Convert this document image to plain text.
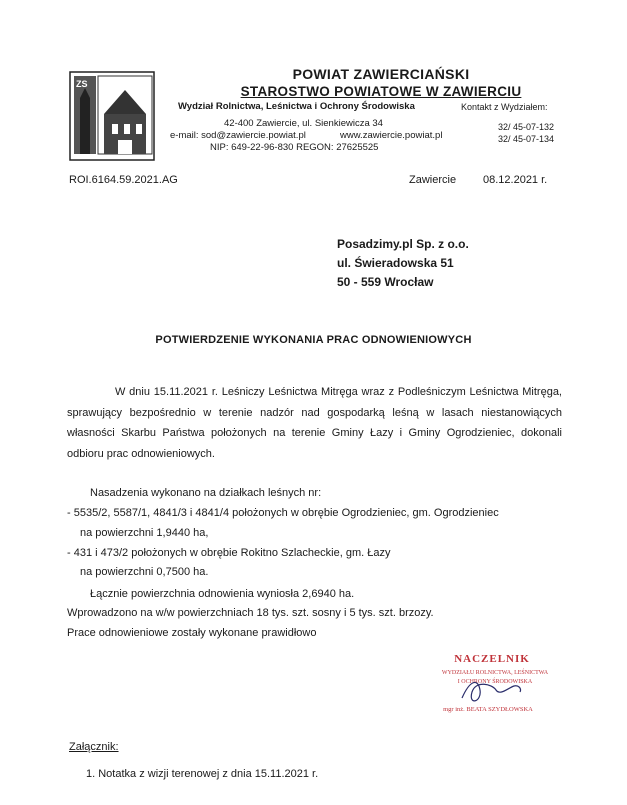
ZS
POWIAT ZAWIERCIAŃSKI
STAROSTWO POWIATOWE W ZAWIERCIU
Wydział Rolnictwa, Leśnictwa i Ochrony Środowiska	Kontakt z Wydziałem:
42-400 Zawiercie, ul. Sienkiewicza 34
e-mail: sod@zawiercie.powiat.pl	www.zawiercie.powiat.pl
NIP: 649-22-96-830 REGON: 27625525
32/ 45-07-132
32/ 45-07-134
ROI.6164.59.2021.AG	Zawiercie 08.12.2021 r.
Posadzimy.pl Sp. z o.o.
ul. Świeradowska 51
50 - 559 Wrocław
POTWIERDZENIE WYKONANIA PRAC ODNOWIENIOWYCH

W dniu 15.11.2021 r. Leśniczy Leśnictwa Mitręga wraz z Podleśniczym Leśnictwa Mitręga, sprawujący bezpośrednio w terenie nadzór nad gospodarką leśną w lasach niestanowiących własności Skarbu Państwa położonych na terenie Gminy Łazy i Gminy Ogrodzieniec, dokonali odbioru prac odnowieniowych.

Nasadzenia wykonano na działkach leśnych nr:
- 5535/2, 5587/1, 4841/3 i 4841/4 położonych w obrębie Ogrodzieniec, gm. Ogrodzieniec
na powierzchni 1,9440 ha,
- 431 i 473/2 położonych w obrębie Rokitno Szlacheckie, gm. Łazy
na powierzchni 0,7500 ha.
Łącznie powierzchnia odnowienia wyniosła 2,6940 ha.
Wprowadzono na w/w powierzchniach 18 tys. szt. sosny i 5 tys. szt. brzozy.
Prace odnowieniowe zostały wykonane prawidłowo
NACZELNIK
WYDZIAŁU ROLNICTWA, LEŚNICTWA
I OCHRONY ŚRODOWISKA
mgr inż. BEATA SZYDŁOWSKA
Załącznik:
1. Notatka z wizji terenowej z dnia 15.11.2021 r.
